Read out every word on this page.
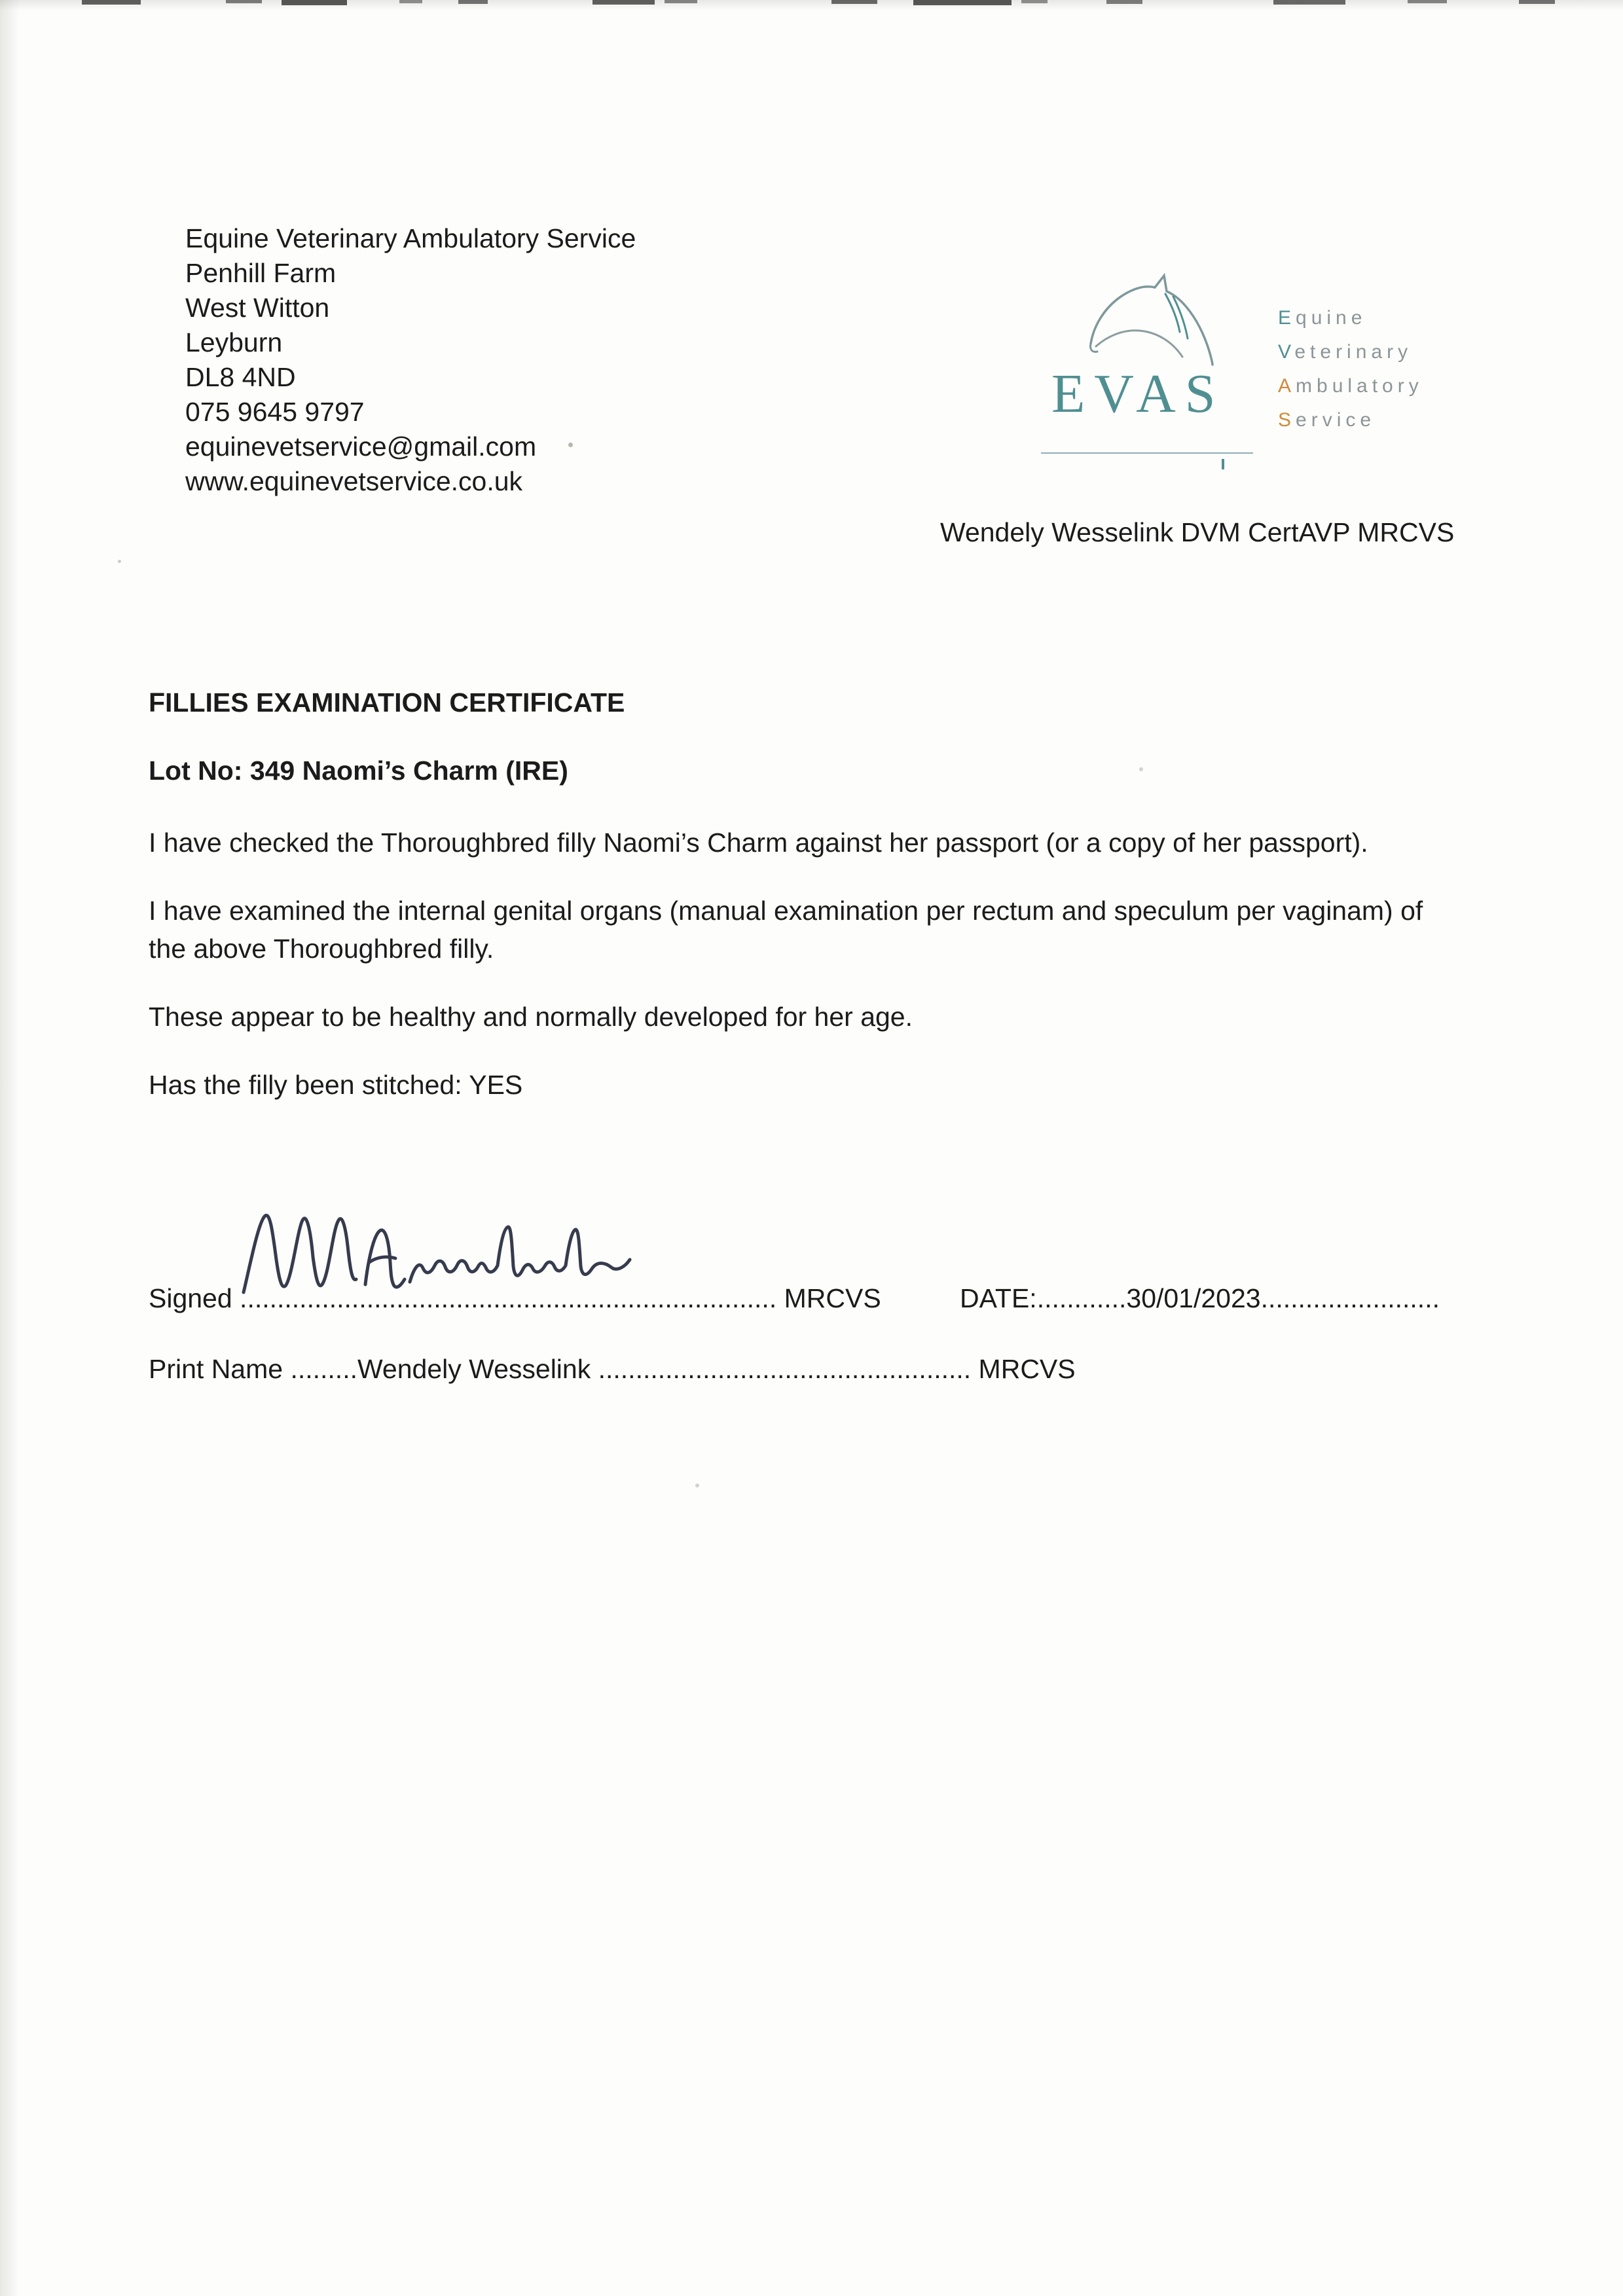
Equine Veterinary Ambulatory Service
Penhill Farm
West Witton
Leyburn
DL8 4ND
075 9645 9797
equinevetservice@gmail.com
www.equinevetservice.co.uk
EVAS
Equine
Veterinary
Ambulatory
Service
Wendely Wesselink DVM CertAVP MRCVS
FILLIES EXAMINATION CERTIFICATE
Lot No: 349 Naomi’s Charm (IRE)

I have checked the Thoroughbred filly Naomi’s Charm against her passport (or a copy of her passport).

I have examined the internal genital organs (manual examination per rectum and speculum per vaginam) of the above Thoroughbred filly.

These appear to be healthy and normally developed for her age.

Has the filly been stitched: YES

Signed ........................................................................ MRCVS	DATE:............30/01/2023........................
Print Name .........Wendely Wesselink .................................................. MRCVS
